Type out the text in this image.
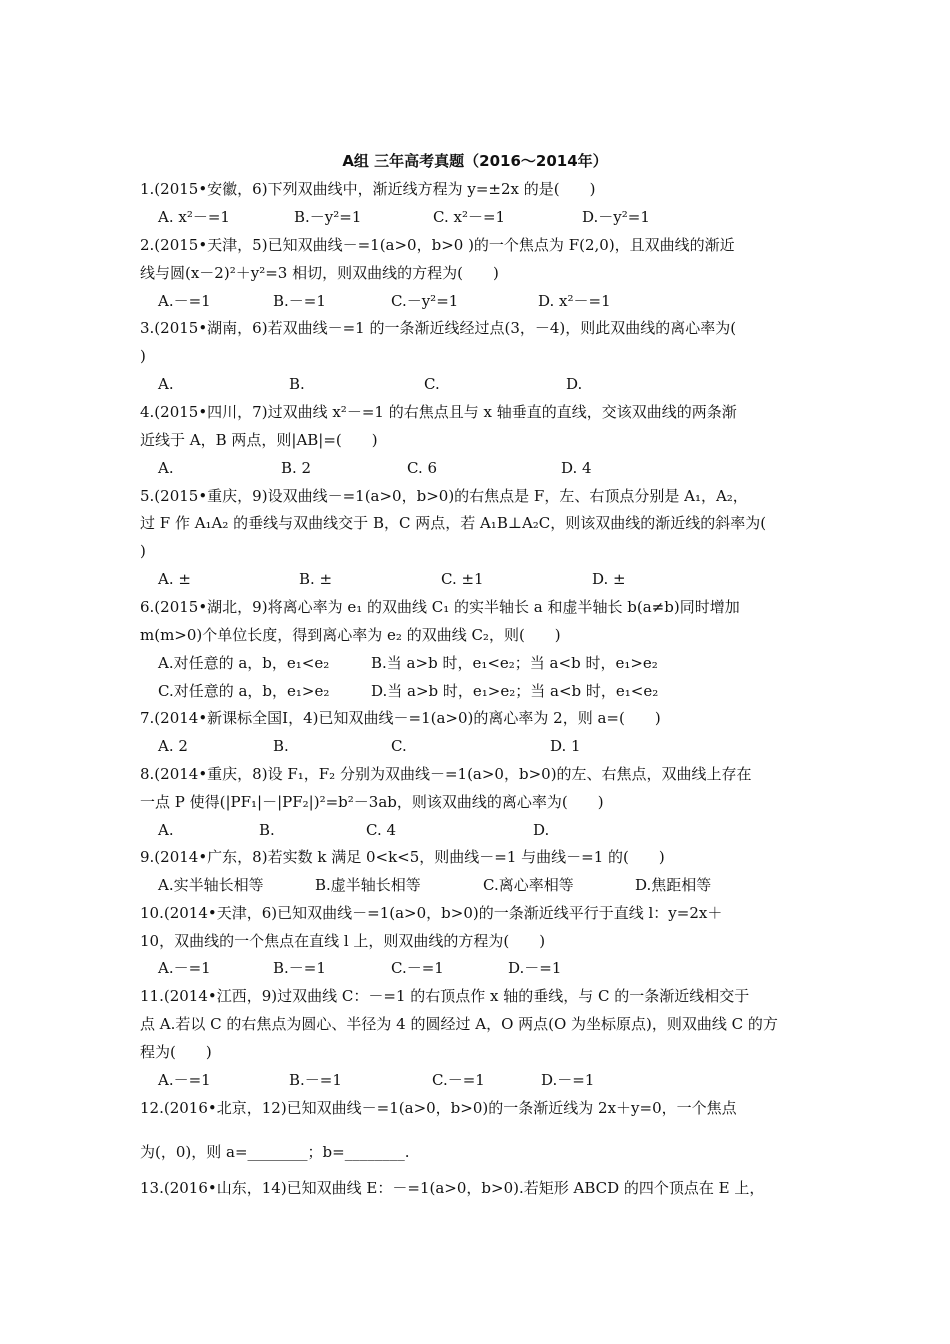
A组 三年高考真题（2016～2014年）
1.(2015•安徽，6)下列双曲线中，渐近线方程为 y=±2x 的是(　　)
A. x²－=1	B.－y²=1	C. x²－=1	D.－y²=1
2.(2015•天津，5)已知双曲线－=1(a>0，b>0 )的一个焦点为 F(2,0)，且双曲线的渐近
线与圆(x－2)²＋y²=3 相切，则双曲线的方程为(　　)
A.－=1	B.－=1	C.－y²=1	D. x²－=1
3.(2015•湖南，6)若双曲线－=1 的一条渐近线经过点(3，－4)，则此双曲线的离心率为(
)
A.	B.	C.	D.
4.(2015•四川，7)过双曲线 x²－=1 的右焦点且与 x 轴垂直的直线，交该双曲线的两条渐
近线于 A，B 两点，则|AB|=(　　)
A.	B. 2	C. 6	D. 4
5.(2015•重庆，9)设双曲线－=1(a>0，b>0)的右焦点是 F，左、右顶点分别是 A₁，A₂，
过 F 作 A₁A₂ 的垂线与双曲线交于 B，C 两点，若 A₁B⊥A₂C，则该双曲线的渐近线的斜率为(
)
A. ±	B. ±	C. ±1	D. ±
6.(2015•湖北，9)将离心率为 e₁ 的双曲线 C₁ 的实半轴长 a 和虚半轴长 b(a≠b)同时增加
m(m>0)个单位长度，得到离心率为 e₂ 的双曲线 C₂，则(　　)
A.对任意的 a，b，e₁<e₂	B.当 a>b 时，e₁<e₂；当 a<b 时，e₁>e₂
C.对任意的 a，b，e₁>e₂	D.当 a>b 时，e₁>e₂；当 a<b 时，e₁<e₂
7.(2014•新课标全国Ⅰ，4)已知双曲线－=1(a>0)的离心率为 2，则 a=(　　)
A. 2	B.	C.	D. 1
8.(2014•重庆，8)设 F₁，F₂ 分别为双曲线－=1(a>0，b>0)的左、右焦点，双曲线上存在
一点 P 使得(|PF₁|－|PF₂|)²=b²－3ab，则该双曲线的离心率为(　　)
A.	B.	C. 4	D.
9.(2014•广东，8)若实数 k 满足 0<k<5，则曲线－=1 与曲线－=1 的(　　)
A.实半轴长相等	B.虚半轴长相等	C.离心率相等	D.焦距相等
10.(2014•天津，6)已知双曲线－=1(a>0，b>0)的一条渐近线平行于直线 l：y=2x＋
10，双曲线的一个焦点在直线 l 上，则双曲线的方程为(　　)
A.－=1	B.－=1	C.－=1	D.－=1
11.(2014•江西，9)过双曲线 C：－=1 的右顶点作 x 轴的垂线，与 C 的一条渐近线相交于
点 A.若以 C 的右焦点为圆心、半径为 4 的圆经过 A，O 两点(O 为坐标原点)，则双曲线 C 的方
程为(　　)
A.－=1	B.－=1	C.－=1	D.－=1
12.(2016•北京，12)已知双曲线－=1(a>0，b>0)的一条渐近线为 2x＋y=0，一个焦点
为(，0)，则 a=________；b=________.
13.(2016•山东，14)已知双曲线 E：－=1(a>0，b>0).若矩形 ABCD 的四个顶点在 E 上，
